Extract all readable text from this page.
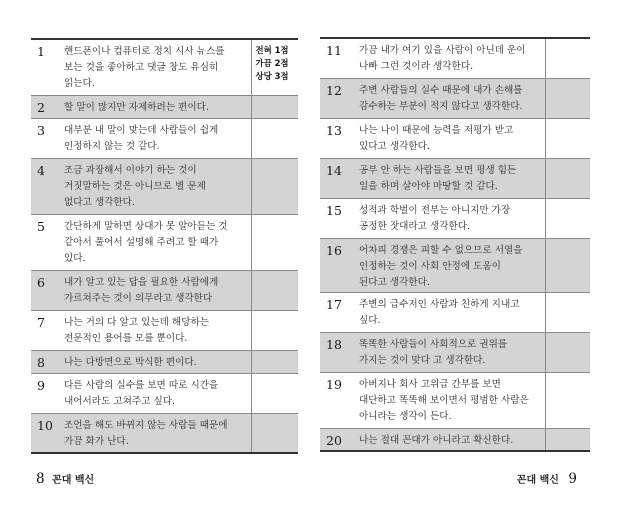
1	핸드폰이나 컴퓨터로 정치 시사 뉴스를
보는 것을 좋아하고 댓글 창도 유심히
읽는다.	전혀 1점
가끔 2점
상당 3점

2	할 말이 많지만 자제하려는 편이다.	

3	대부분 내 말이 맞는데 사람들이 쉽게
인정하지 않는 것 같다.	

4	조금 과장해서 이야기 하는 것이
거짓말하는 것은 아니므로 별 문제
없다고 생각한다.	

5	간단하게 말하면 상대가 못 알아듣는 것
같아서 풀어서 설명해 주려고 할 때가
있다.	

6	내가 알고 있는 답을 필요한 사람에게
가르쳐주는 것이 의무라고 생각한다	

7	나는 거의 다 알고 있는데 해당하는
전문적인 용어를 모를 뿐이다.	

8	나는 다방면으로 박식한 편이다.	

9	다른 사람의 실수를 보면 따로 시간을
내어서라도 고쳐주고 싶다.	

10	조언을 해도 바뀌지 않는 사람들 때문에
가끔 화가 난다.	

8 꼰대 백신
11	가끔 내가 여기 있을 사람이 아닌데 운이
나빠 그런 것이라 생각한다.	

12	주변 사람들의 실수 때문에 내가 손해를
감수하는 부분이 적지 않다고 생각한다.	

13	나는 나이 때문에 능력을 저평가 받고
있다고 생각한다.	

14	공부 안 하는 사람들을 보면 평생 힘든
일을 하며 살아야 마땅할 것 같다.	

15	성적과 학벌이 전부는 아니지만 가장
공정한 잣대라고 생각한다.	

16	어차피 경쟁은 피할 수 없으므로 서열을
인정하는 것이 사회 안정에 도움이
된다고 생각한다.	

17	주변의 급수저인 사람과 친하게 지내고
싶다.	

18	똑똑한 사람들이 사회적으로 권위를
가지는 것이 맞다 고 생각한다.	

19	아버지나 회사 고위급 간부를 보면
대단하고 똑똑해 보이면서 평범한 사람은
아니라는 생각이 든다.	

20	나는 절대 꼰대가 아니라고 확신한다.	

꼰대 백신 9
